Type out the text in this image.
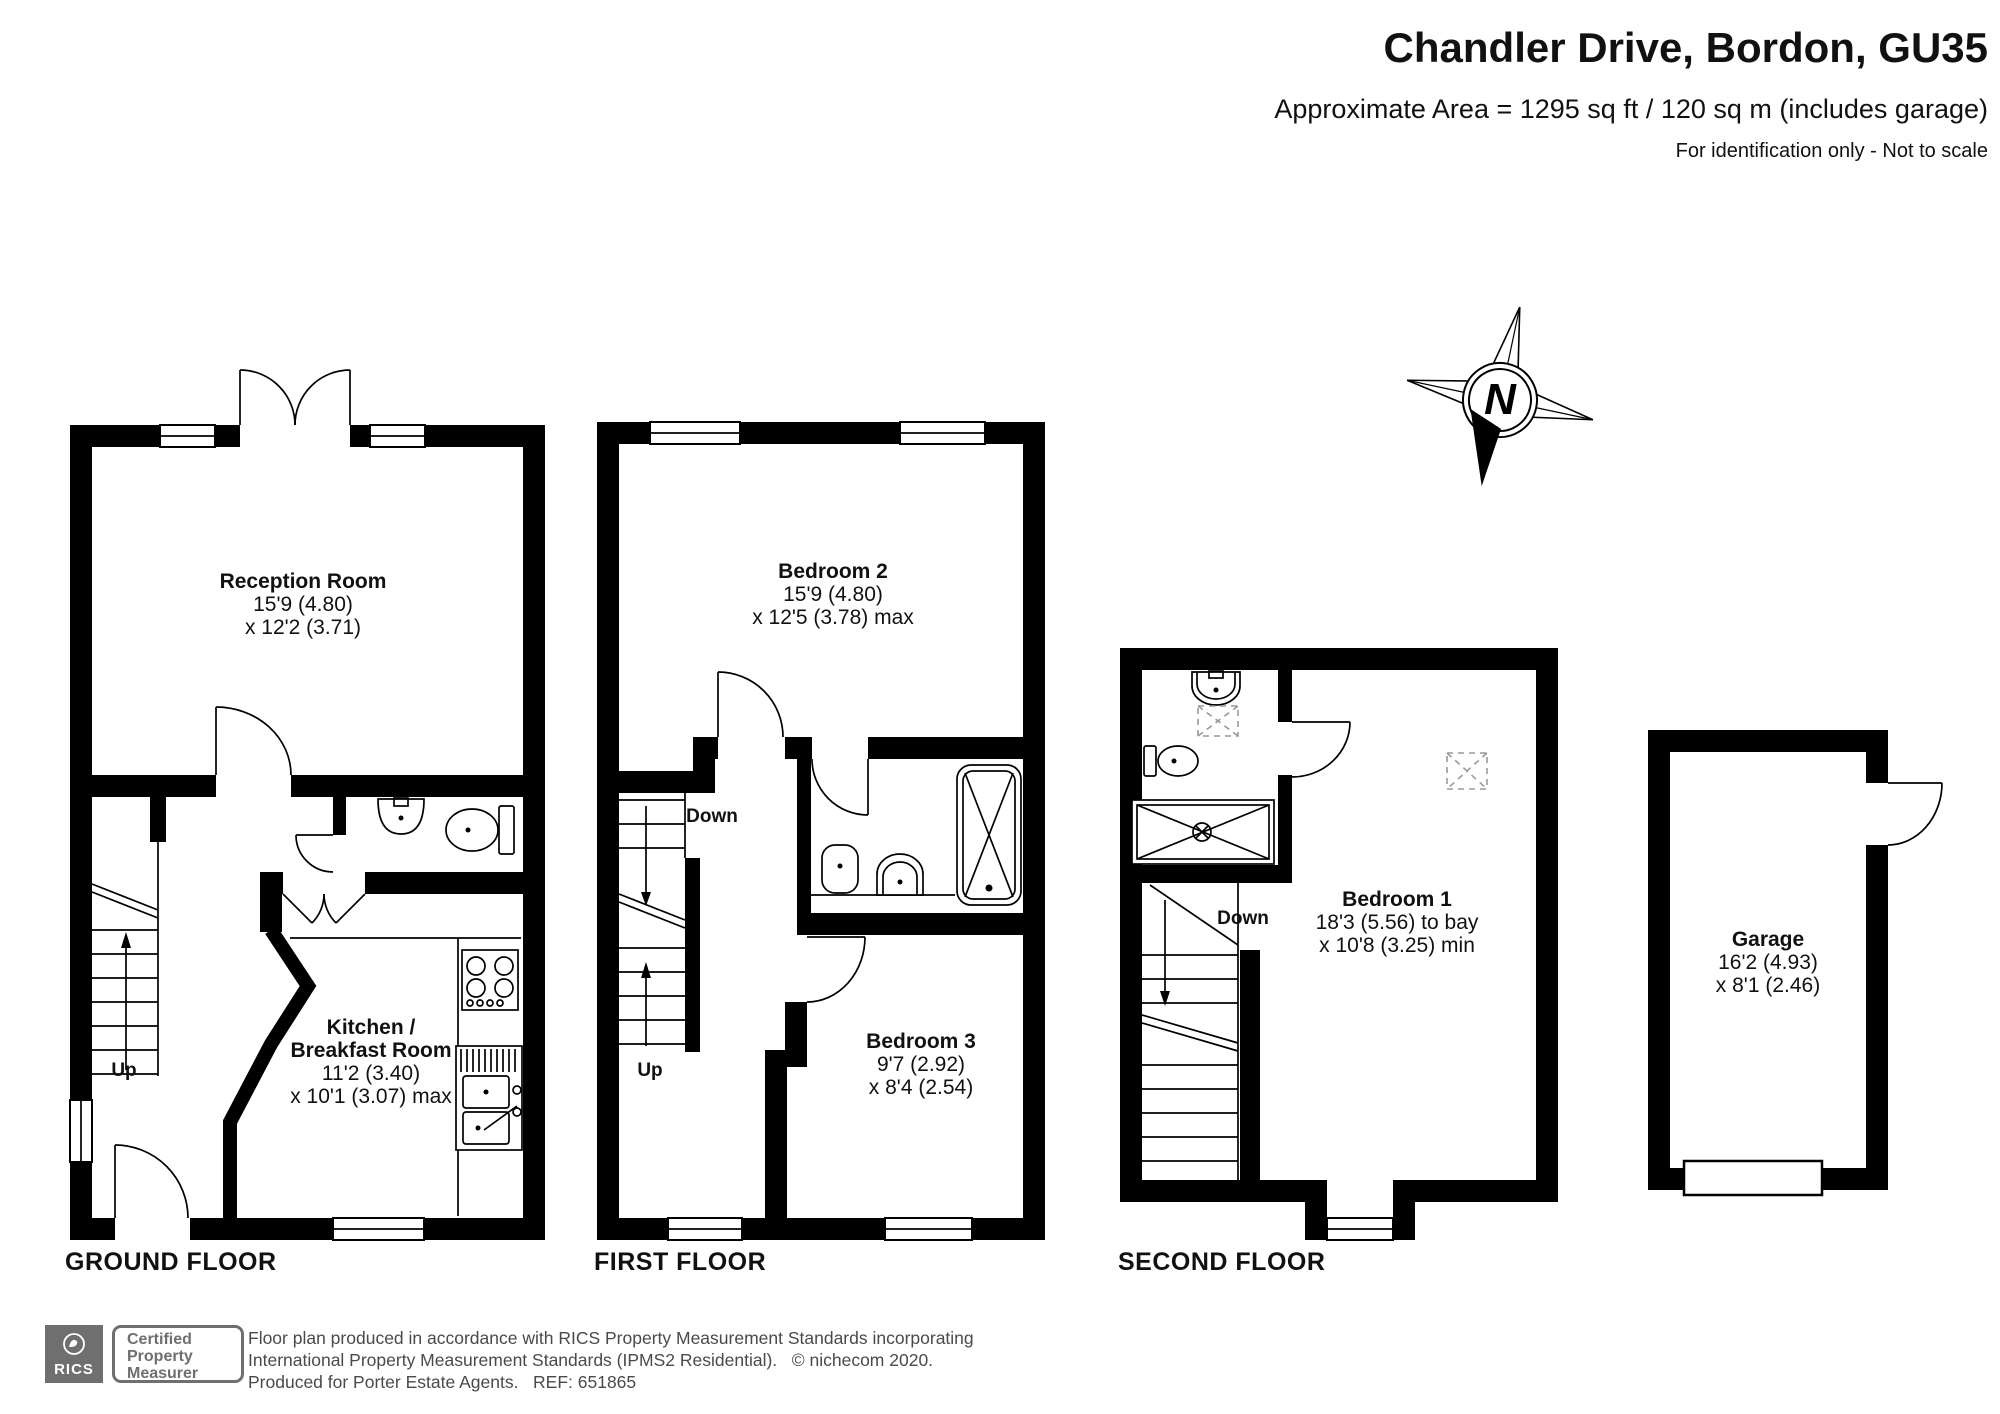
Chandler Drive, Bordon, GU35
Approximate Area = 1295 sq ft / 120 sq m (includes garage)
For identification only - Not to scale
N
Reception Room
15'9 (4.80)
x 12'2 (3.71)
Kitchen /
Breakfast Room
11'2 (3.40)
x 10'1 (3.07) max
Bedroom 2
15'9 (4.80)
x 12'5 (3.78) max
Bedroom 3
9'7 (2.92)
x 8'4 (2.54)
Bedroom 1
18'3 (5.56) to bay
x 10'8 (3.25) min	Garage
16'2 (4.93)
x 8'1 (2.46)
Up
Down
Up
Down
GROUND FLOOR	FIRST FLOOR	SECOND FLOOR
RICS
Certified
Property
Measurer
Floor plan produced in accordance with RICS Property Measurement Standards incorporating
International Property Measurement Standards (IPMS2 Residential).   © nichecom 2020.
Produced for Porter Estate Agents.   REF: 651865
